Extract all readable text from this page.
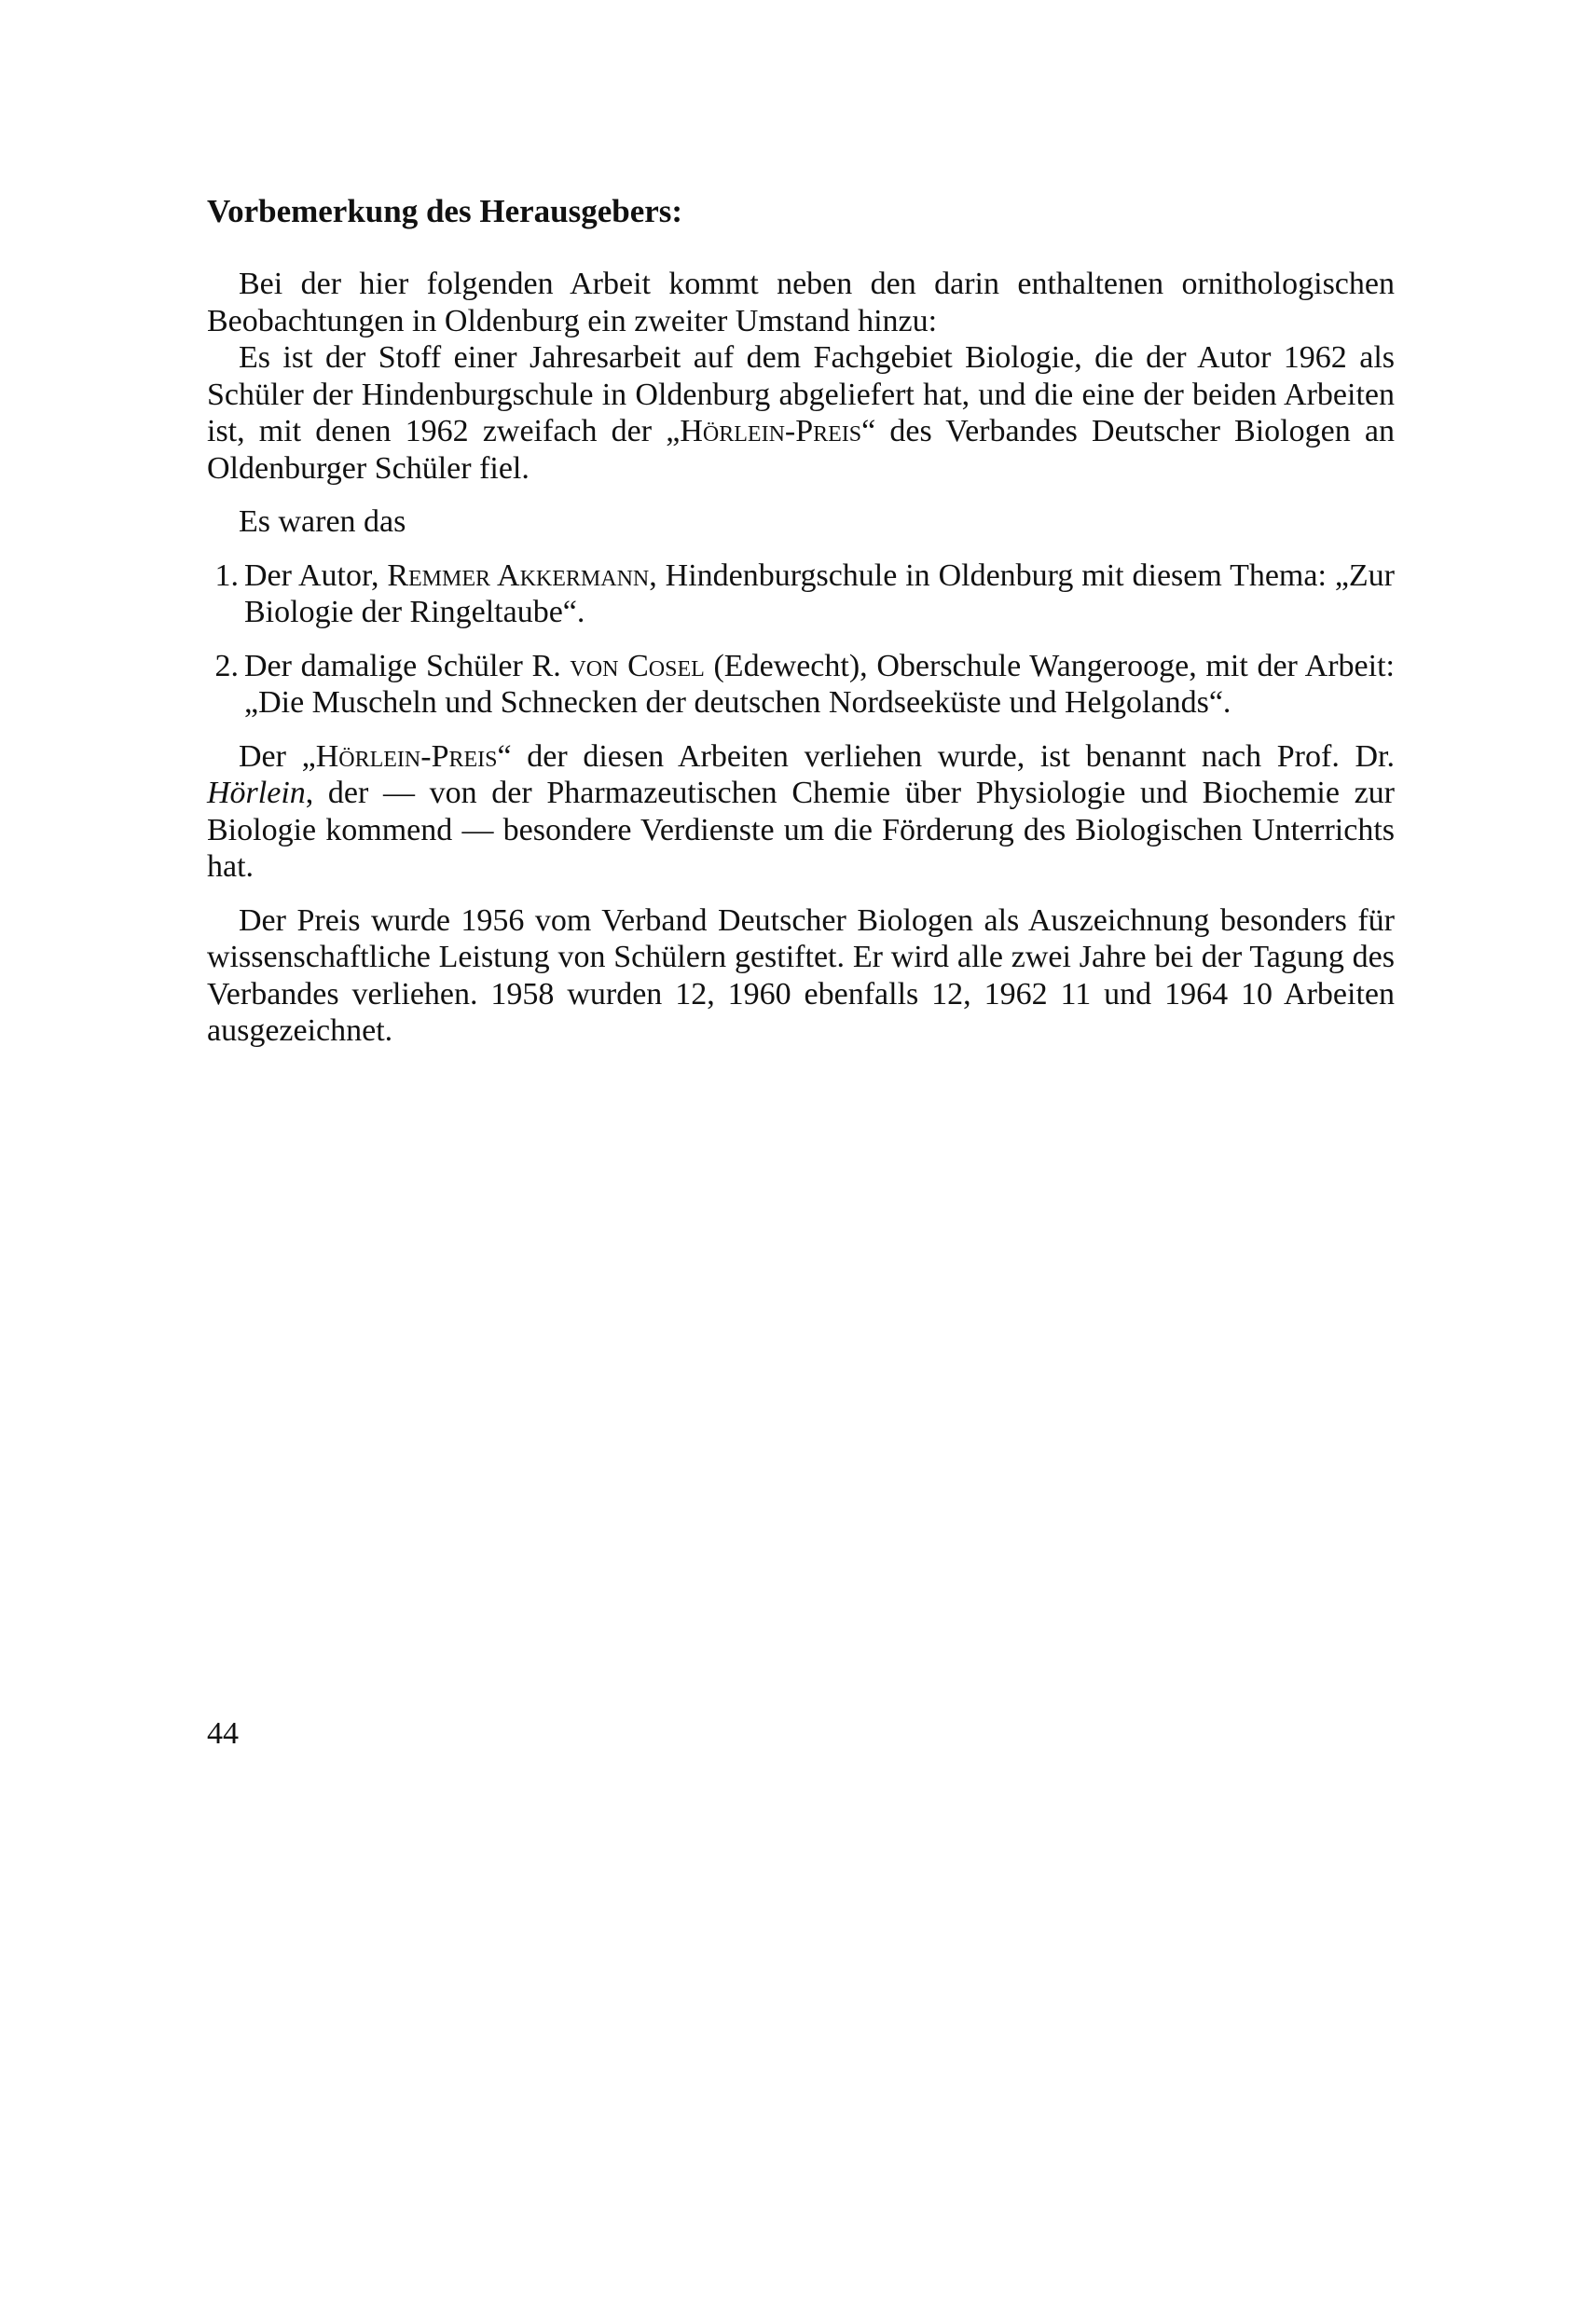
Vorbemerkung des Herausgebers:

Bei der hier folgenden Arbeit kommt neben den darin enthaltenen ornithologischen Beobachtungen in Oldenburg ein zweiter Umstand hinzu:

Es ist der Stoff einer Jahresarbeit auf dem Fachgebiet Biologie, die der Autor 1962 als Schüler der Hindenburgschule in Oldenburg abgeliefert hat, und die eine der beiden Arbeiten ist, mit denen 1962 zweifach der „Hörlein-Preis“ des Verbandes Deutscher Biologen an Oldenburger Schüler fiel.

Es waren das

1. Der Autor, Remmer Akkermann, Hindenburgschule in Oldenburg mit diesem Thema: „Zur Biologie der Ringeltaube“.
2. Der damalige Schüler R. von Cosel (Edewecht), Oberschule Wangerooge, mit der Arbeit: „Die Muscheln und Schnecken der deutschen Nordseeküste und Helgolands“.

Der „Hörlein-Preis“ der diesen Arbeiten verliehen wurde, ist benannt nach Prof. Dr. Hörlein, der — von der Pharmazeutischen Chemie über Physiologie und Biochemie zur Biologie kommend — besondere Verdienste um die Förderung des Biologischen Unterrichts hat.

Der Preis wurde 1956 vom Verband Deutscher Biologen als Auszeichnung besonders für wissenschaftliche Leistung von Schülern gestiftet. Er wird alle zwei Jahre bei der Tagung des Verbandes verliehen. 1958 wurden 12, 1960 ebenfalls 12, 1962 11 und 1964 10 Arbeiten ausgezeichnet.

44
